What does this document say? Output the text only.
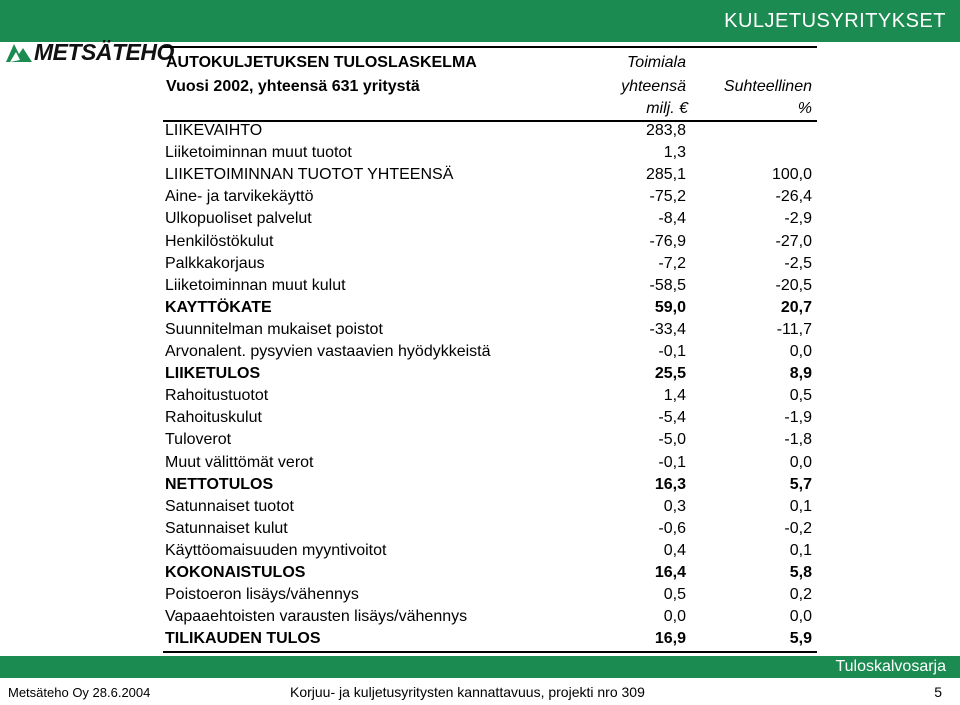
KULJETUSYRITYKSET
METSÄTEHO
AUTOKULJETUKSEN TULOSLASKELMA
Vuosi 2002, yhteensä 631 yritystä
Toimiala
yhteensä
milj. €
Suhteellinen
%
LIIKEVAIHTO	283,8
Liiketoiminnan muut tuotot	1,3
LIIKETOIMINNAN TUOTOT YHTEENSÄ	285,1	100,0
Aine- ja tarvikekäyttö	-75,2	-26,4
Ulkopuoliset palvelut	-8,4	-2,9
Henkilöstökulut	-76,9	-27,0
Palkkakorjaus	-7,2	-2,5
Liiketoiminnan muut kulut	-58,5	-20,5
KAYTTÖKATE	59,0	20,7
Suunnitelman mukaiset poistot	-33,4	-11,7
Arvonalent. pysyvien vastaavien hyödykkeistä	-0,1	0,0
LIIKETULOS	25,5	8,9
Rahoitustuotot	1,4	0,5
Rahoituskulut	-5,4	-1,9
Tuloverot	-5,0	-1,8
Muut välittömät verot	-0,1	0,0
NETTOTULOS	16,3	5,7
Satunnaiset tuotot	0,3	0,1
Satunnaiset kulut	-0,6	-0,2
Käyttöomaisuuden myyntivoitot	0,4	0,1
KOKONAISTULOS	16,4	5,8
Poistoeron lisäys/vähennys	0,5	0,2
Vapaaehtoisten varausten lisäys/vähennys	0,0	0,0
TILIKAUDEN TULOS	16,9	5,9
Tuloskalvosarja
Metsäteho Oy 28.6.2004	Korjuu- ja kuljetusyritysten kannattavuus, projekti nro 309	5
